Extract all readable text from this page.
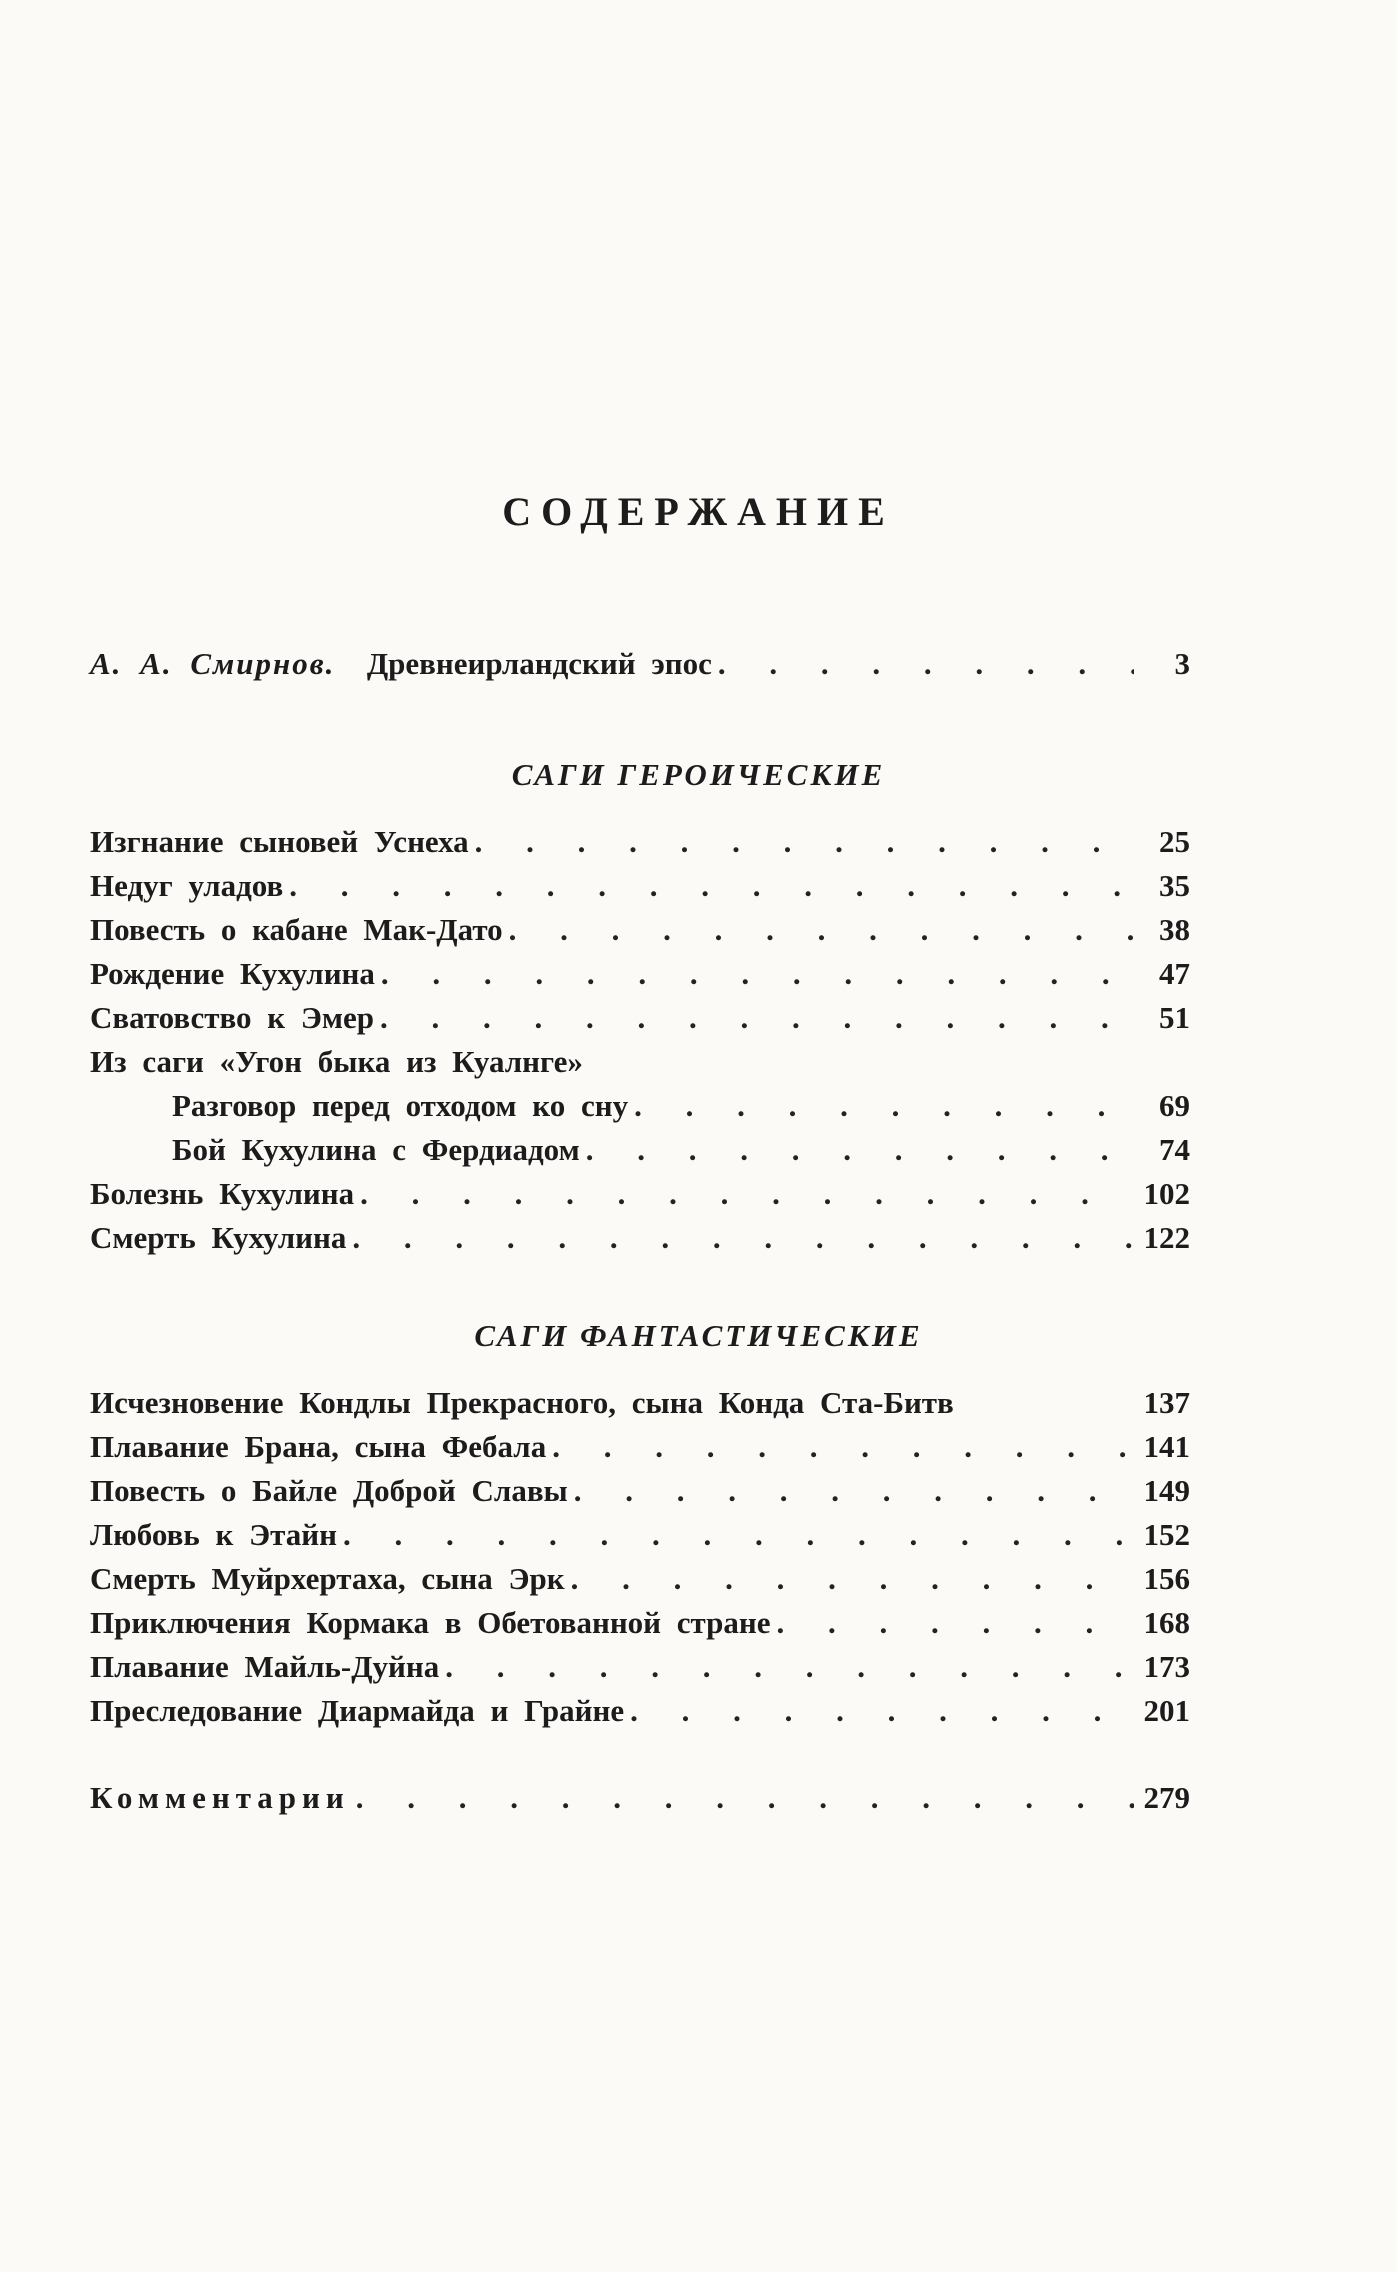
СОДЕРЖАНИЕ
А. А. Смирнов. Древнеирландский эпос . . .	3
САГИ ГЕРОИЧЕСКИЕ
Изгнание сыновей Уснеха . . .	25
Недуг уладов . . .	35
Повесть о кабане Мак-Дато . . .	38
Рождение Кухулина . . .	47
Сватовство к Эмер . . .	51
Из саги «Угон быка из Куалнге»
Разговор перед отходом ко сну . . .	69
Бой Кухулина с Фердиадом . . .	74
Болезнь Кухулина . . .	102
Смерть Кухулина . . .	122
САГИ ФАНТАСТИЧЕСКИЕ
Исчезновение Кондлы Прекрасного, сына Конда Ста-Битв	137
Плавание Брана, сына Фебала . . .	141
Повесть о Байле Доброй Славы . . .	149
Любовь к Этайн . . .	152
Смерть Муйрхертаха, сына Эрк . . .	156
Приключения Кормака в Обетованной стране . . .	168
Плавание Майль-Дуйна . . .	173
Преследование Диармайда и Грайне . . .	201
Комментарии . . .	279
